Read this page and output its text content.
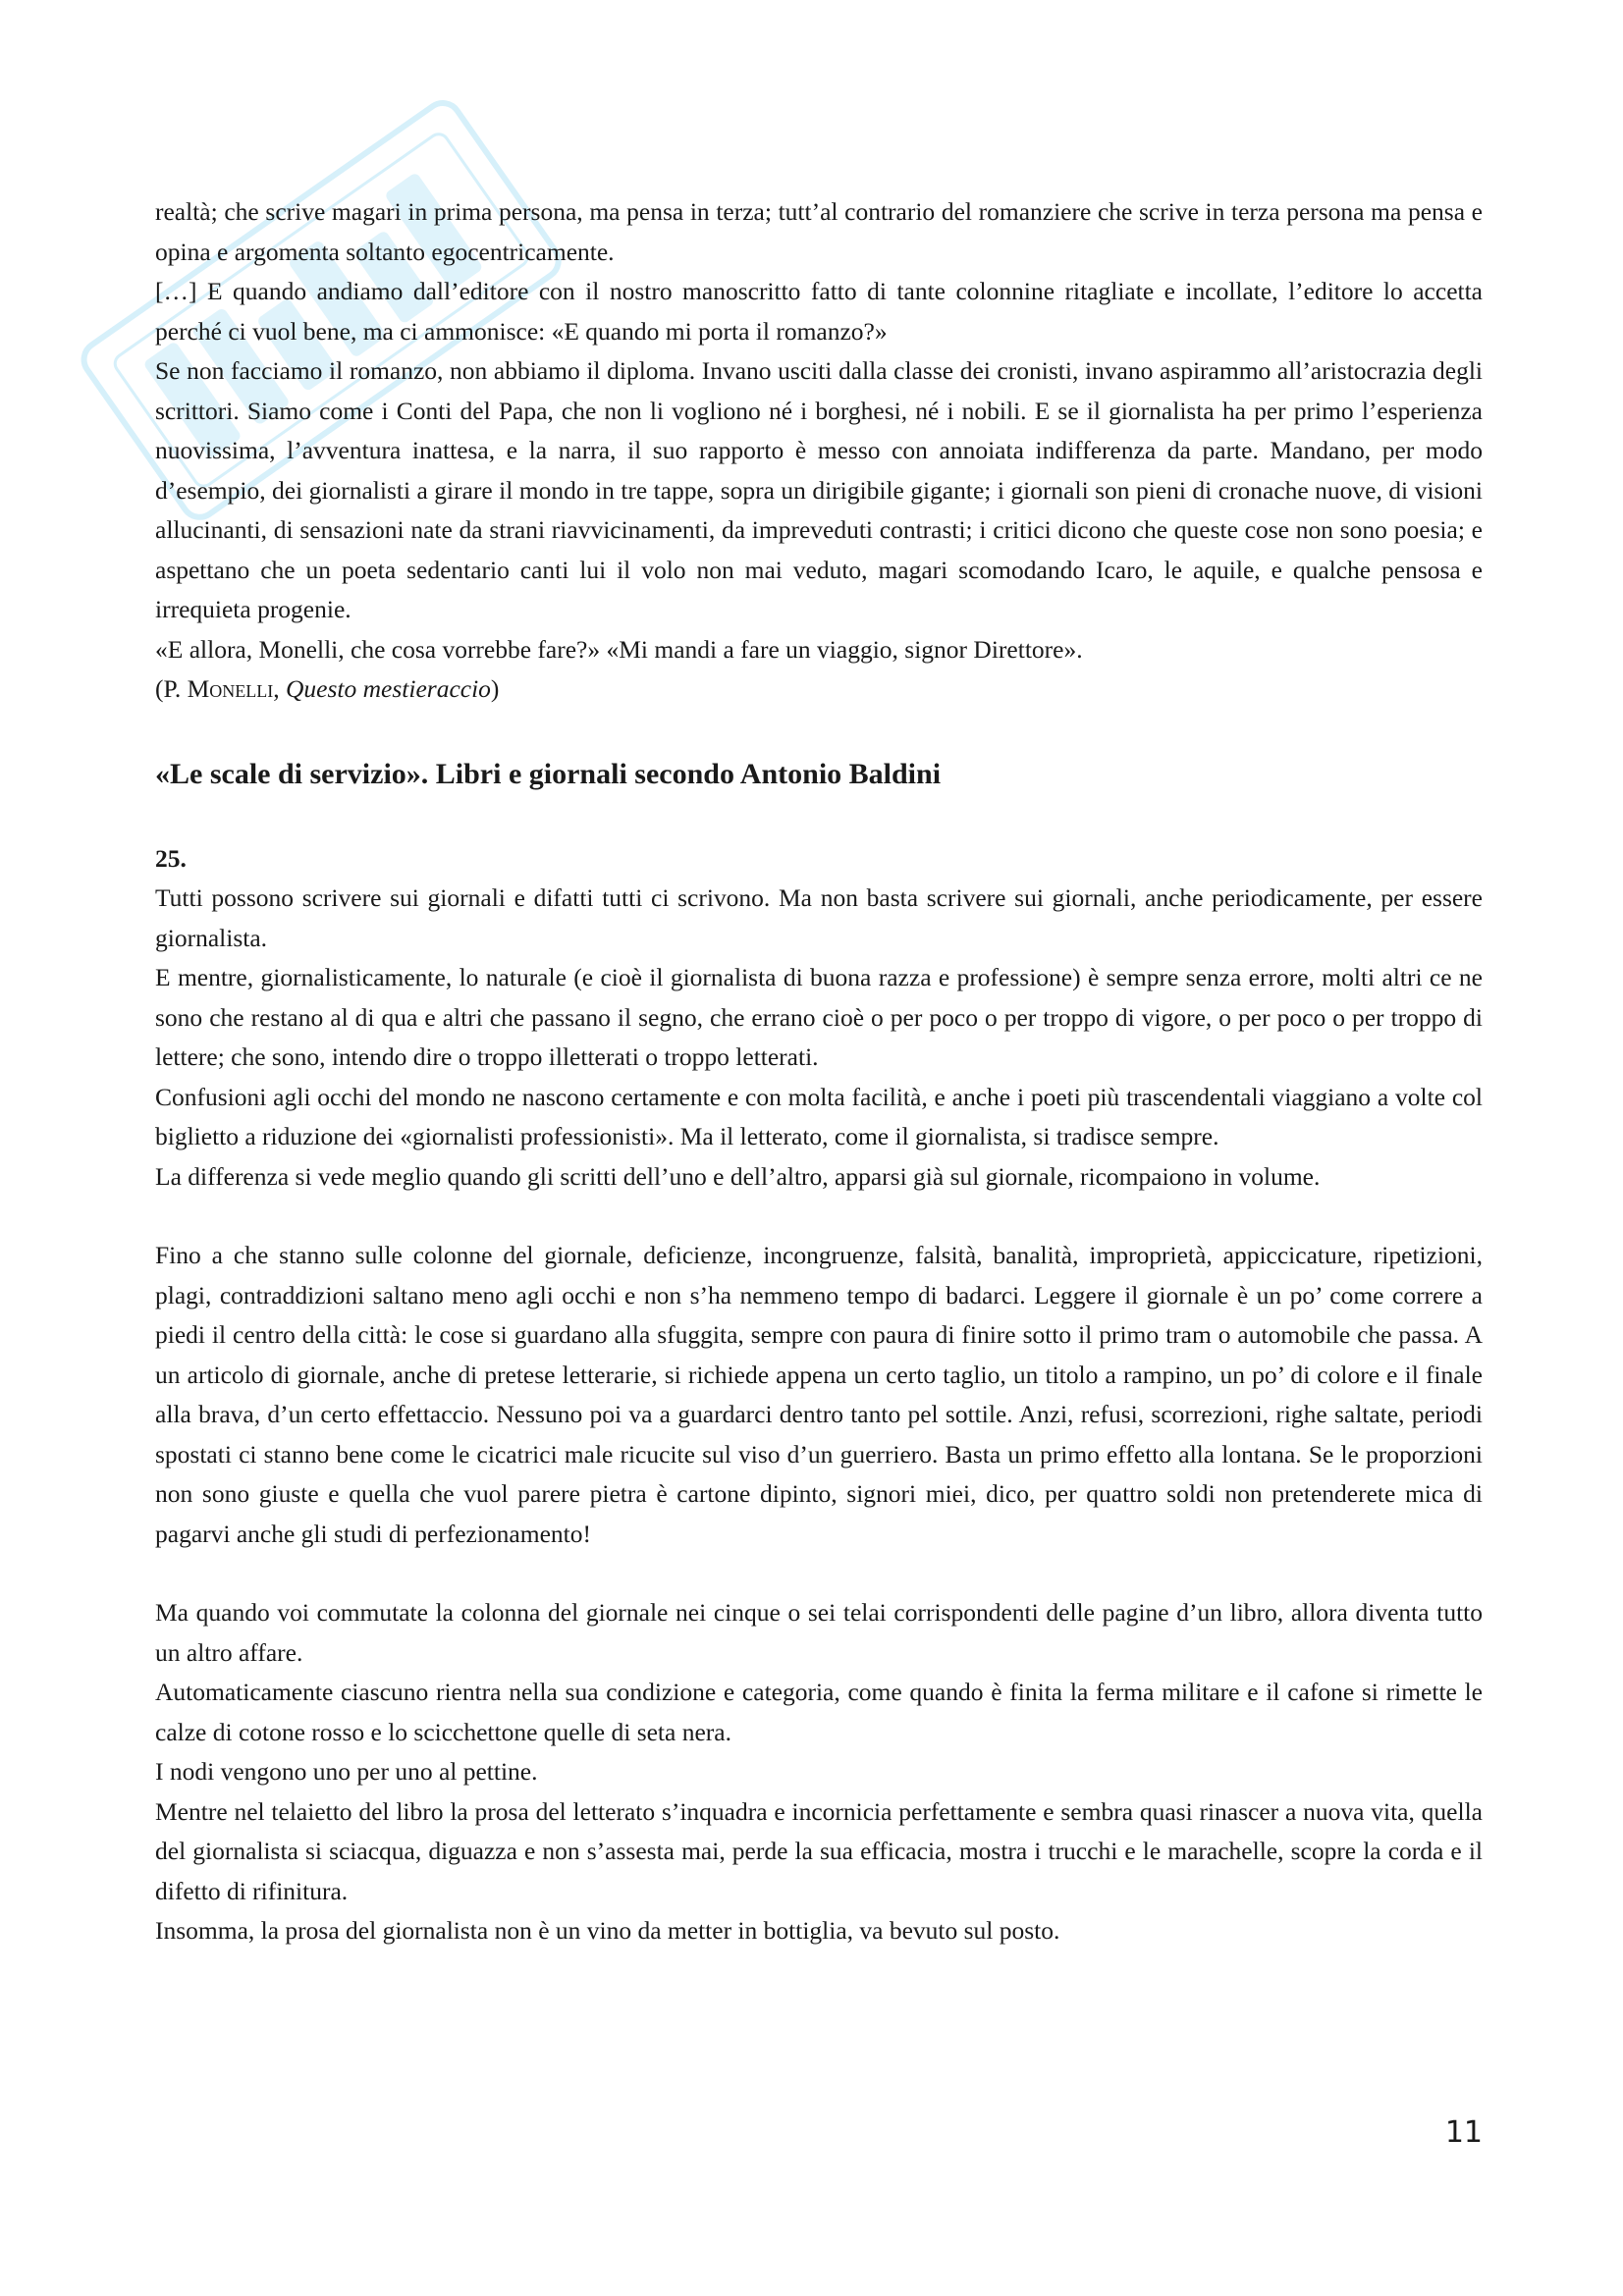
realtà; che scrive magari in prima persona, ma pensa in terza; tutt’al contrario del romanziere che scrive in terza persona ma pensa e opina e argomenta soltanto egocentricamente.

[…] E quando andiamo dall’editore con il nostro manoscritto fatto di tante colonnine ritagliate e incollate, l’editore lo accetta perché ci vuol bene, ma ci ammonisce: «E quando mi porta il romanzo?»

Se non facciamo il romanzo, non abbiamo il diploma. Invano usciti dalla classe dei cronisti, invano aspirammo all’aristocrazia degli scrittori. Siamo come i Conti del Papa, che non li vogliono né i borghesi, né i nobili. E se il giornalista ha per primo l’esperienza nuovissima, l’avventura inattesa, e la narra, il suo rapporto è messo con annoiata indifferenza da parte. Mandano, per modo d’esempio, dei giornalisti a girare il mondo in tre tappe, sopra un dirigibile gigante; i giornali son pieni di cronache nuove, di visioni allucinanti, di sensazioni nate da strani riavvicinamenti, da impreveduti contrasti; i critici dicono che queste cose non sono poesia; e aspettano che un poeta sedentario canti lui il volo non mai veduto, magari scomodando Icaro, le aquile, e qualche pensosa e irrequieta progenie.

«E allora, Monelli, che cosa vorrebbe fare?» «Mi mandi a fare un viaggio, signor Direttore».

(P. Monelli, Questo mestieraccio)

«Le scale di servizio». Libri e giornali secondo Antonio Baldini

25.

Tutti possono scrivere sui giornali e difatti tutti ci scrivono. Ma non basta scrivere sui giornali, anche periodicamente, per essere giornalista.

E mentre, giornalisticamente, lo naturale (e cioè il giornalista di buona razza e professione) è sempre senza errore, molti altri ce ne sono che restano al di qua e altri che passano il segno, che errano cioè o per poco o per troppo di vigore, o per poco o per troppo di lettere; che sono, intendo dire o troppo illetterati o troppo letterati.

Confusioni agli occhi del mondo ne nascono certamente e con molta facilità, e anche i poeti più trascendentali viaggiano a volte col biglietto a riduzione dei «giornalisti professionisti». Ma il letterato, come il giornalista, si tradisce sempre.

La differenza si vede meglio quando gli scritti dell’uno e dell’altro, apparsi già sul giornale, ricompaiono in volume.

Fino a che stanno sulle colonne del giornale, deficienze, incongruenze, falsità, banalità, improprietà, appiccicature, ripetizioni, plagi, contraddizioni saltano meno agli occhi e non s’ha nemmeno tempo di badarci. Leggere il giornale è un po’ come correre a piedi il centro della città: le cose si guardano alla sfuggita, sempre con paura di finire sotto il primo tram o automobile che passa. A un articolo di giornale, anche di pretese letterarie, si richiede appena un certo taglio, un titolo a rampino, un po’ di colore e il finale alla brava, d’un certo effettaccio. Nessuno poi va a guardarci dentro tanto pel sottile. Anzi, refusi, scorrezioni, righe saltate, periodi spostati ci stanno bene come le cicatrici male ricucite sul viso d’un guerriero. Basta un primo effetto alla lontana. Se le proporzioni non sono giuste e quella che vuol parere pietra è cartone dipinto, signori miei, dico, per quattro soldi non pretenderete mica di pagarvi anche gli studi di perfezionamento!

Ma quando voi commutate la colonna del giornale nei cinque o sei telai corrispondenti delle pagine d’un libro, allora diventa tutto un altro affare.

Automaticamente ciascuno rientra nella sua condizione e categoria, come quando è finita la ferma militare e il cafone si rimette le calze di cotone rosso e lo scicchettone quelle di seta nera.

I nodi vengono uno per uno al pettine.

Mentre nel telaietto del libro la prosa del letterato s’inquadra e incornicia perfettamente e sembra quasi rinascer a nuova vita, quella del giornalista si sciacqua, diguazza e non s’assesta mai, perde la sua efficacia, mostra i trucchi e le marachelle, scopre la corda e il difetto di rifinitura.

Insomma, la prosa del giornalista non è un vino da metter in bottiglia, va bevuto sul posto.

11
